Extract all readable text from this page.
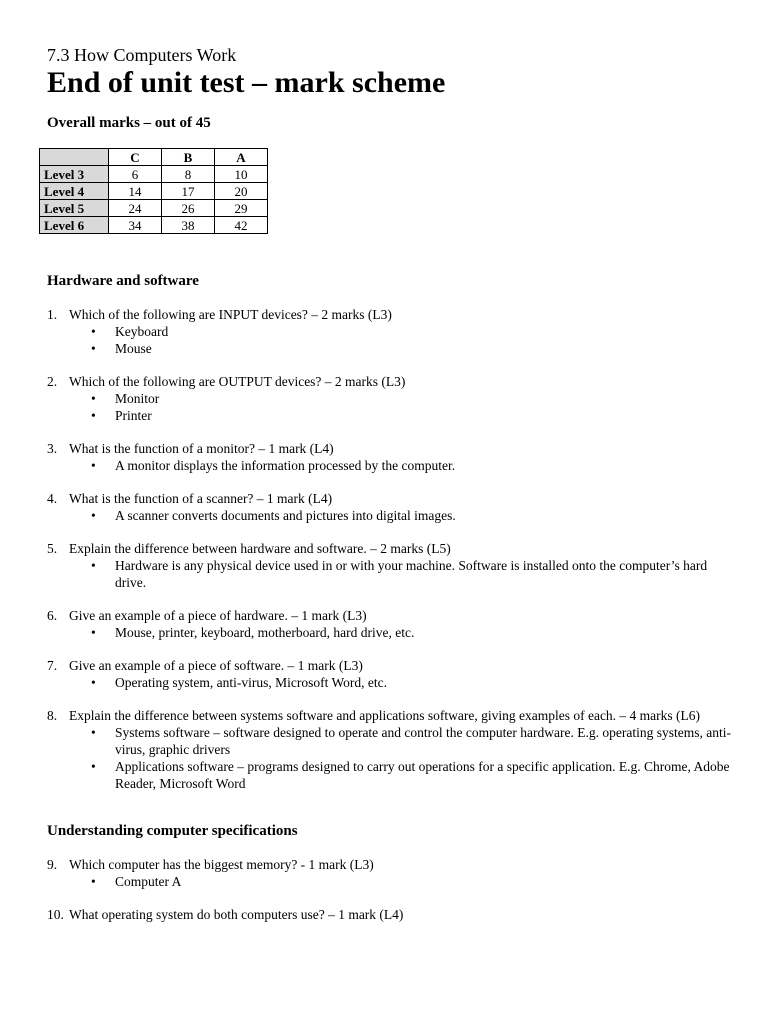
7.3 How Computers Work

End of unit test – mark scheme

Overall marks – out of 45

	C	B	A
Level 3	6	8	10
Level 4	14	17	20
Level 5	24	26	29
Level 6	34	38	42
Hardware and software
1. Which of the following are INPUT devices? – 2 marks (L3)
• Keyboard
• Mouse
2. Which of the following are OUTPUT devices? – 2 marks (L3)
• Monitor
• Printer
3. What is the function of a monitor? – 1 mark (L4)
• A monitor displays the information processed by the computer.
4. What is the function of a scanner? – 1 mark (L4)
• A scanner converts documents and pictures into digital images.
5. Explain the difference between hardware and software. – 2 marks (L5)
• Hardware is any physical device used in or with your machine. Software is installed onto the computer’s hard drive.
6. Give an example of a piece of hardware. – 1 mark (L3)
• Mouse, printer, keyboard, motherboard, hard drive, etc.
7. Give an example of a piece of software. – 1 mark (L3)
• Operating system, anti-virus, Microsoft Word, etc.
8. Explain the difference between systems software and applications software, giving examples of each. – 4 marks (L6)
• Systems software – software designed to operate and control the computer hardware. E.g. operating systems, anti-virus, graphic drivers
• Applications software – programs designed to carry out operations for a specific application. E.g. Chrome, Adobe Reader, Microsoft Word
Understanding computer specifications
9. Which computer has the biggest memory? - 1 mark (L3)
• Computer A
10. What operating system do both computers use? – 1 mark (L4)
